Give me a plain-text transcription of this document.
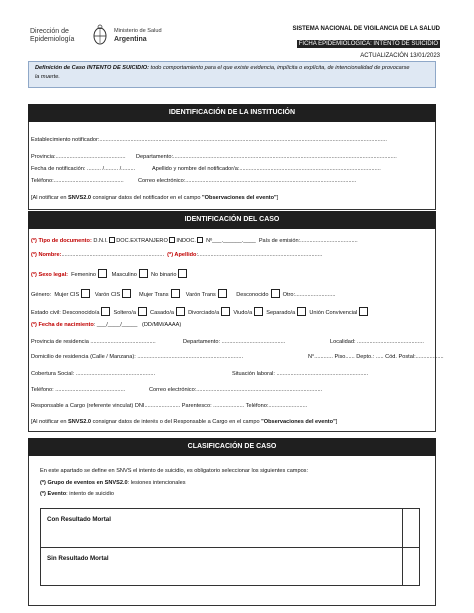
Dirección de
Epidemiología
Ministerio de Salud
Argentina
SISTEMA NACIONAL DE VIGILANCIA DE LA SALUD
FICHA EPIDEMIOLÓGICA: INTENTO DE SUICIDIO
ACTUALIZACIÓN 13/01/2023
Definición de Caso INTENTO DE SUICIDIO: todo comportamiento para el que existe evidencia, implícita o explícita, de intencionalidad de provocarse
la muerte.
IDENTIFICACIÓN DE LA INSTITUCIÓN
Establecimiento notificador:.........................................................................................................................................................................................
Provincia:............................................. Departamento:................................................................................................................................................
Fecha de notificación: ......... /......... /.........	Apellido y nombre del notificador/a:...........................................................................................
Teléfono:.............................................	Correo electrónico:..............................................................................................................
[Al notificar en SNVS2.0 consignar datos del notificador en el campo "Observaciones del evento"]
IDENTIFICACIÓN DEL CASO
(*) Tipo de documento: D.N.I. DOC.EXTRANJERO INDOC. Nº___.______.____ País de emisión:.....................................
(*) Nombre:.................................................................. (*) Apellido:................................................................................
(*) Sexo legal: Femenino	Masculino	No binario
Género: Mujer CIS	Varón CIS	Mujer Trans	Varón Trans	Desconocido	Otro:..........................
Estado civil: Desconocido/a	Soltero/a	Casado/a	Divorciado/a	Viudo/a	Separado/a	Unión Convivencial
(*) Fecha de nacimiento: ___/____/_____ (DD/MM/AAAA)
Provincia de residencia ..........................................	Departamento: .........................................	Localidad: ...........................................
Domicilio de residencia (Calle / Manzana): ....................................................................	N°............ Piso...... Depto.: ..... Cód. Postal:..................
Cobertura Social: ...................................................	Situación laboral: ...........................................................
Teléfono: .............................................	Correo electrónico:.................................................................................
Responsable a Cargo (referente vinculat) DNI....................... Parentesco: .................... Teléfono:.........................
[Al notificar en SNVS2.0 consignar datos de interés o del Responsable a Cargo en el campo "Observaciones del evento"]
CLASIFICACIÓN DE CASO
En este apartado se define en SNVS el intento de suicidio, es obligatorio seleccionar los siguientes campos:
(*) Grupo de eventos en SNVS2.0: lesiones intencionales
(*) Evento: intento de suicidio
Con Resultado Mortal
Sin Resultado Mortal
